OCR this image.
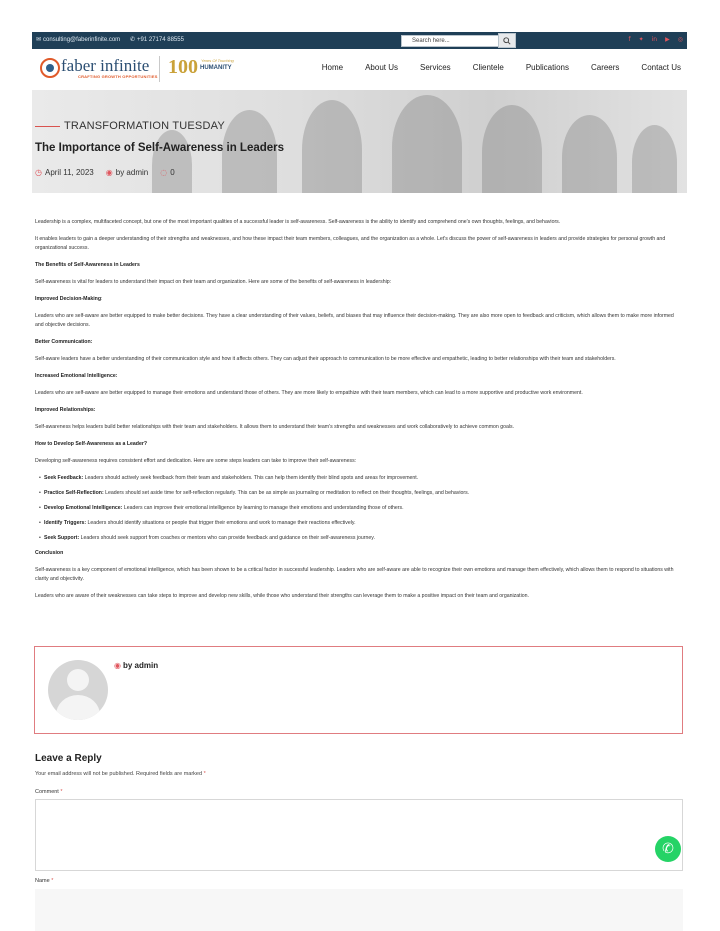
✉ consulting@faberinfinite.com ✆ +91 27174 88555	Search here...	f ✦ in ▶ ◎
faber infinite
CRAFTING GROWTH OPPORTUNITIES 100 Years Of Touching
HUMANITY	Home	About Us	Services	Clientele	Publications	Careers	Contact Us
TRANSFORMATION TUESDAY
The Importance of Self-Awareness in Leaders
◷ April 11, 2023 ◉ by admin ◌ 0

Leadership is a complex, multifaceted concept, but one of the most important qualities of a successful leader is self-awareness. Self-awareness is the ability to identify and comprehend one's own thoughts, feelings, and behaviors.

It enables leaders to gain a deeper understanding of their strengths and weaknesses, and how these impact their team members, colleagues, and the organization as a whole. Let's discuss the power of self-awareness in leaders and provide strategies for personal growth and organizational success.

The Benefits of Self-Awareness in Leaders

Self-awareness is vital for leaders to understand their impact on their team and organization. Here are some of the benefits of self-awareness in leadership:

Improved Decision-Making:

Leaders who are self-aware are better equipped to make better decisions. They have a clear understanding of their values, beliefs, and biases that may influence their decision-making. They are also more open to feedback and criticism, which allows them to make more informed and objective decisions.

Better Communication:

Self-aware leaders have a better understanding of their communication style and how it affects others. They can adjust their approach to communication to be more effective and empathetic, leading to better relationships with their team and stakeholders.

Increased Emotional Intelligence:

Leaders who are self-aware are better equipped to manage their emotions and understand those of others. They are more likely to empathize with their team members, which can lead to a more supportive and productive work environment.

Improved Relationships:

Self-awareness helps leaders build better relationships with their team and stakeholders. It allows them to understand their team's strengths and weaknesses and work collaboratively to achieve common goals.

How to Develop Self-Awareness as a Leader?

Developing self-awareness requires consistent effort and dedication. Here are some steps leaders can take to improve their self-awareness:

• Seek Feedback: Leaders should actively seek feedback from their team and stakeholders. This can help them identify their blind spots and areas for improvement.
• Practice Self-Reflection: Leaders should set aside time for self-reflection regularly. This can be as simple as journaling or meditation to reflect on their thoughts, feelings, and behaviors.
• Develop Emotional Intelligence: Leaders can improve their emotional intelligence by learning to manage their emotions and understanding those of others.
• Identify Triggers: Leaders should identify situations or people that trigger their emotions and work to manage their reactions effectively.
• Seek Support: Leaders should seek support from coaches or mentors who can provide feedback and guidance on their self-awareness journey.

Conclusion

Self-awareness is a key component of emotional intelligence, which has been shown to be a critical factor in successful leadership. Leaders who are self-aware are able to recognize their own emotions and manage them effectively, which allows them to respond to situations with clarity and objectivity.

Leaders who are aware of their weaknesses can take steps to improve and develop new skills, while those who understand their strengths can leverage them to make a positive impact on their team and organization.

◉ by admin
Leave a Reply
Your email address will not be published. Required fields are marked *
Comment *
Name *
✆
